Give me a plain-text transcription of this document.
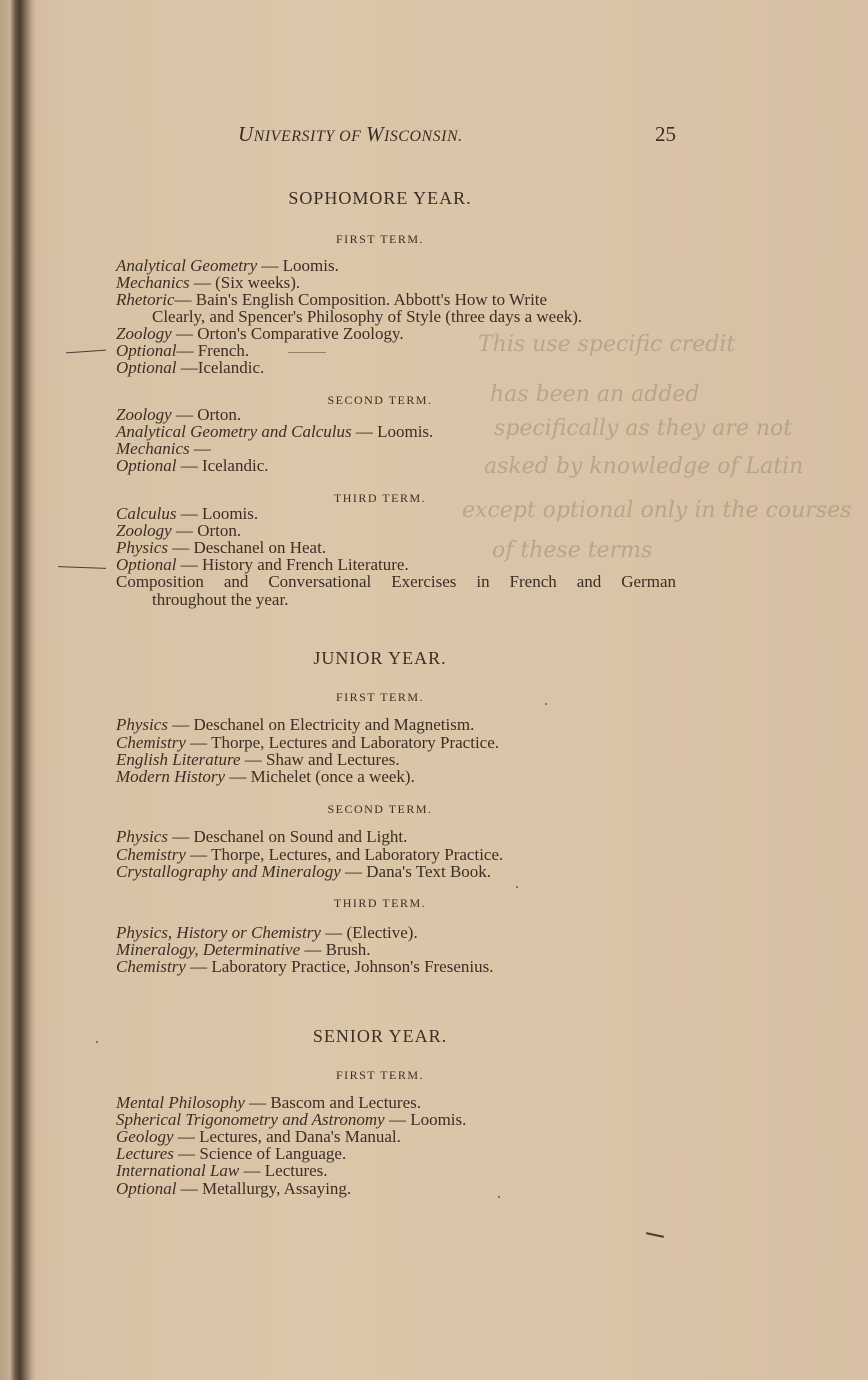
UNIVERSITY OF WISCONSIN.	25
SOPHOMORE YEAR.
FIRST TERM.
Analytical Geometry — Loomis.
Mechanics — (Six weeks).
Rhetoric— Bain's English Composition. Abbott's How to Write
Clearly, and Spencer's Philosophy of Style (three days a week).
Zoology — Orton's Comparative Zoology.
Optional— French.
Optional —Icelandic.
SECOND TERM.
Zoology — Orton.
Analytical Geometry and Calculus — Loomis.
Mechanics —
Optional — Icelandic.
THIRD TERM.
Calculus — Loomis.
Zoology — Orton.
Physics — Deschanel on Heat.
Optional — History and French Literature.
Composition and Conversational Exercises in French and German
throughout the year.
JUNIOR YEAR.
FIRST TERM.
Physics — Deschanel on Electricity and Magnetism.
Chemistry — Thorpe, Lectures and Laboratory Practice.
English Literature — Shaw and Lectures.
Modern History — Michelet (once a week).
SECOND TERM.
Physics — Deschanel on Sound and Light.
Chemistry — Thorpe, Lectures, and Laboratory Practice.
Crystallography and Mineralogy — Dana's Text Book.
THIRD TERM.
Physics, History or Chemistry — (Elective).
Mineralogy, Determinative — Brush.
Chemistry — Laboratory Practice, Johnson's Fresenius.
SENIOR YEAR.
FIRST TERM.
Mental Philosophy — Bascom and Lectures.
Spherical Trigonometry and Astronomy — Loomis.
Geology — Lectures, and Dana's Manual.
Lectures — Science of Language.
International Law — Lectures.
Optional — Metallurgy, Assaying.
This use specific credit
has been an added
specifically as they are not
asked by knowledge of Latin
except optional only in the courses
of these terms
